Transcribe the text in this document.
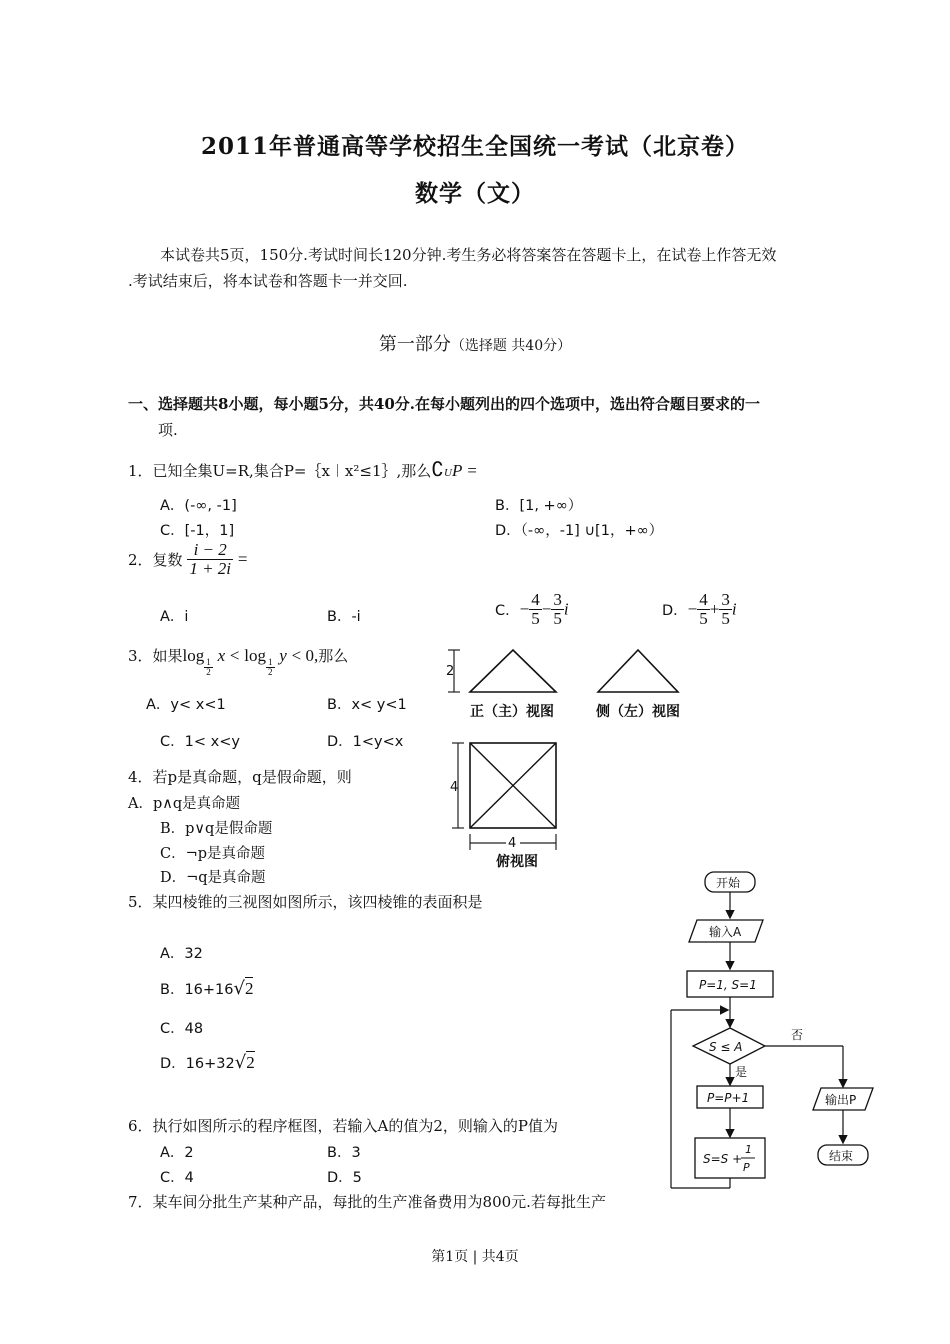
2011年普通高等学校招生全国统一考试（北京卷）
数学（文）
本试卷共5页，150分.考试时间长120分钟.考生务必将答案答在答题卡上，在试卷上作答无效
.考试结束后，将本试卷和答题卡一并交回.
第一部分（选择题 共40分）
一、选择题共8小题，每小题5分，共40分.在每小题列出的四个选项中，选出符合题目要求的一
项.
1．已知全集U=R,集合P=｛x︱x²≤1｝,那么∁UP =
A．(-∞, -1]	B．[1, +∞）
C．[-1，1]	D．（-∞，-1] ∪[1，+∞）
2．复数 $\frac{i - 2}{1 + 2i}$ =
A．i	B．-i	C．− $\frac{4}{5} - \frac{3}{5}$ i	D．− $\frac{4}{5} + \frac{3}{5}$ i
3．如果log
$\frac{1}{2}$
x < log
$\frac{1}{2}$
y < 0,那么
A．y< x<1	B．x< y<1
C．1< x<y	D．1<y<x
4．若p是真命题，q是假命题，则
A．p∧q是真命题
B．p∨q是假命题
C．¬p是真命题
D．¬q是真命题
5．某四棱锥的三视图如图所示，该四棱锥的表面积是
A．32
B．16+16√2
C．48
D．16+32√2
6．执行如图所示的程序框图，若输入A的值为2，则输入的P值为
A．2	B．3
C．4	D．5
7．某车间分批生产某种产品，每批的生产准备费用为800元.若每批生产
2
正（主）视图	侧（左）视图
4
4
俯视图
开始
输入A
P=1, S=1
S ≤ A
否
是
P=P+1
S=S +
1
P
输出P
结束
第1页 | 共4页
